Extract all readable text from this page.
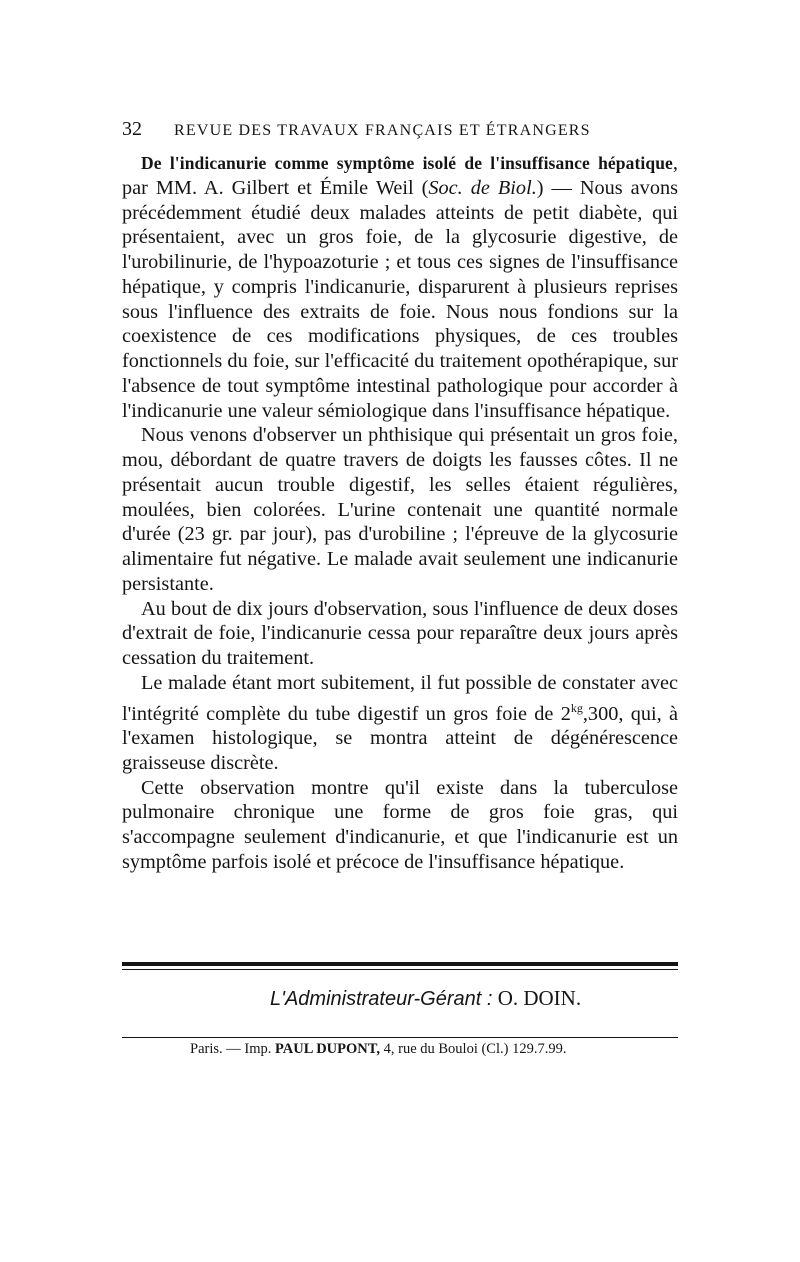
32 REVUE DES TRAVAUX FRANÇAIS ET ÉTRANGERS

De l'indicanurie comme symptôme isolé de l'insuffisance hépatique, par MM. A. Gilbert et Émile Weil (Soc. de Biol.) — Nous avons précédemment étudié deux malades atteints de petit diabète, qui présentaient, avec un gros foie, de la glycosurie digestive, de l'urobilinurie, de l'hypoazoturie ; et tous ces signes de l'insuffisance hépatique, y compris l'indicanurie, disparurent à plusieurs reprises sous l'influence des extraits de foie. Nous nous fondions sur la coexistence de ces modifications physiques, de ces troubles fonctionnels du foie, sur l'efficacité du traitement opothérapique, sur l'absence de tout symptôme intestinal pathologique pour accorder à l'indicanurie une valeur sémiologique dans l'insuffisance hépatique.

Nous venons d'observer un phthisique qui présentait un gros foie, mou, débordant de quatre travers de doigts les fausses côtes. Il ne présentait aucun trouble digestif, les selles étaient régulières, moulées, bien colorées. L'urine contenait une quantité normale d'urée (23 gr. par jour), pas d'urobiline ; l'épreuve de la glycosurie alimentaire fut négative. Le malade avait seulement une indicanurie persistante.

Au bout de dix jours d'observation, sous l'influence de deux doses d'extrait de foie, l'indicanurie cessa pour reparaître deux jours après cessation du traitement.

Le malade étant mort subitement, il fut possible de constater avec l'intégrité complète du tube digestif un gros foie de $2^{kg},300$, qui, à l'examen histologique, se montra atteint de dégénérescence graisseuse discrète.

Cette observation montre qu'il existe dans la tuberculose pulmonaire chronique une forme de gros foie gras, qui s'accompagne seulement d'indicanurie, et que l'indicanurie est un symptôme parfois isolé et précoce de l'insuffisance hépatique.

L'Administrateur-Gérant : O. DOIN.
Paris. — Imp. PAUL DUPONT, 4, rue du Bouloi (Cl.) 129.7.99.
